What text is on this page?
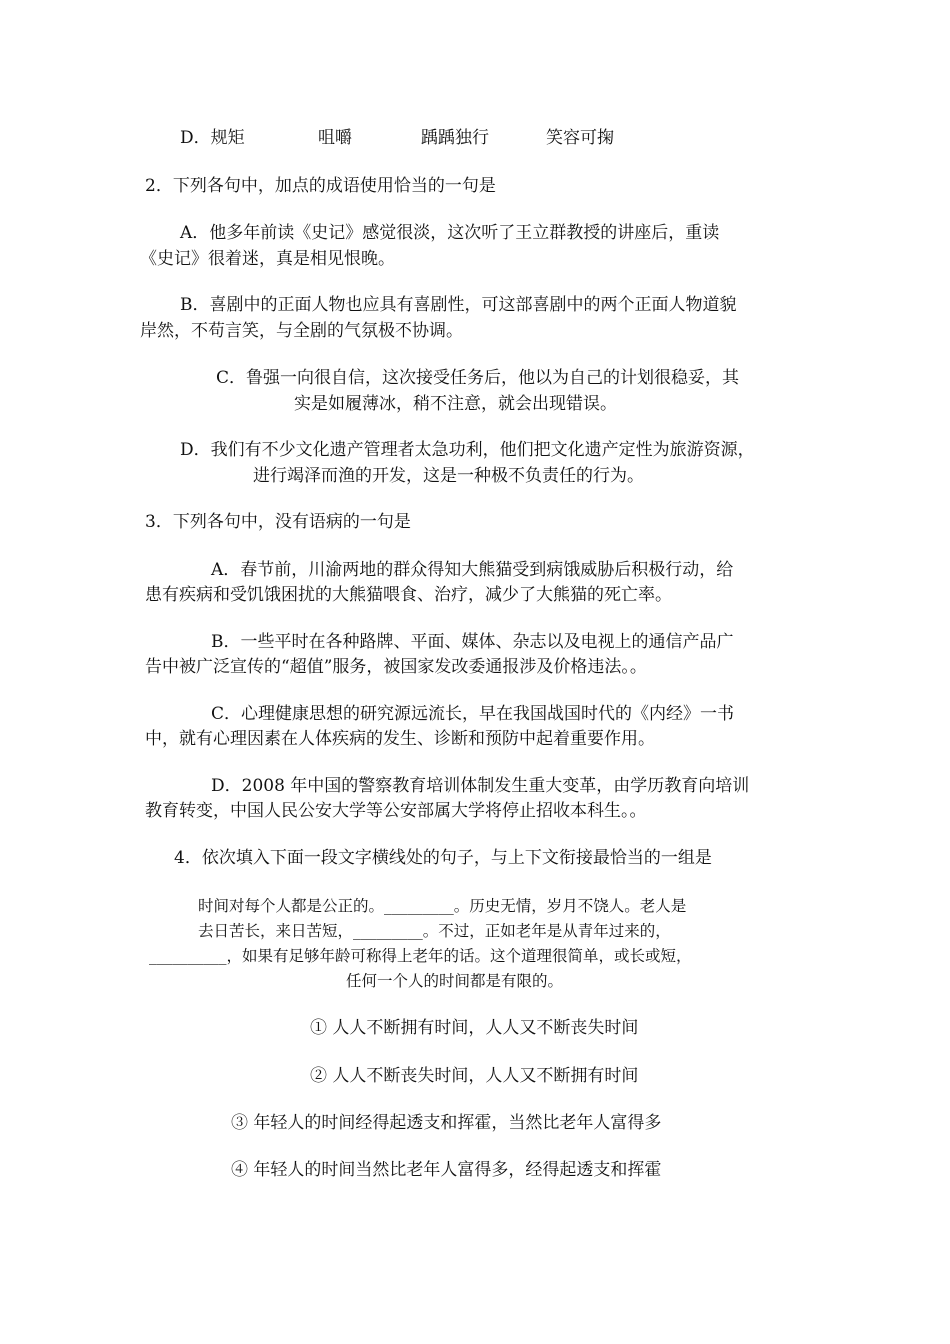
D．规矩	咀嚼	踽踽独行	笑容可掬
2．下列各句中，加点的成语使用恰当的一句是
A．他多年前读《史记》感觉很淡，这次听了王立群教授的讲座后，重读
《史记》很着迷，真是相见恨晚。
B．喜剧中的正面人物也应具有喜剧性，可这部喜剧中的两个正面人物道貌
岸然，不苟言笑，与全剧的气氛极不协调。
C．鲁强一向很自信，这次接受任务后，他以为自己的计划很稳妥，其
实是如履薄冰，稍不注意，就会出现错误。
D．我们有不少文化遗产管理者太急功利，他们把文化遗产定性为旅游资源，
进行竭泽而渔的开发，这是一种极不负责任的行为。
3．下列各句中，没有语病的一句是
A．春节前，川渝两地的群众得知大熊猫受到病饿威胁后积极行动，给
患有疾病和受饥饿困扰的大熊猫喂食、治疗，减少了大熊猫的死亡率。
B．一些平时在各种路牌、平面、媒体、杂志以及电视上的通信产品广
告中被广泛宣传的“超值”服务，被国家发改委通报涉及价格违法。。
C．心理健康思想的研究源远流长，早在我国战国时代的《内经》一书
中，就有心理因素在人体疾病的发生、诊断和预防中起着重要作用。
D．2008 年中国的警察教育培训体制发生重大变革，由学历教育向培训
教育转变，中国人民公安大学等公安部属大学将停止招收本科生。。
4．依次填入下面一段文字横线处的句子，与上下文衔接最恰当的一组是
时间对每个人都是公正的。_________。历史无情，岁月不饶人。老人是
去日苦长，来日苦短，_________。不过，正如老年是从青年过来的，
__________，如果有足够年龄可称得上老年的话。这个道理很简单，或长或短，
任何一个人的时间都是有限的。
① 人人不断拥有时间，人人又不断丧失时间
② 人人不断丧失时间，人人又不断拥有时间
③ 年轻人的时间经得起透支和挥霍，当然比老年人富得多
④ 年轻人的时间当然比老年人富得多，经得起透支和挥霍
